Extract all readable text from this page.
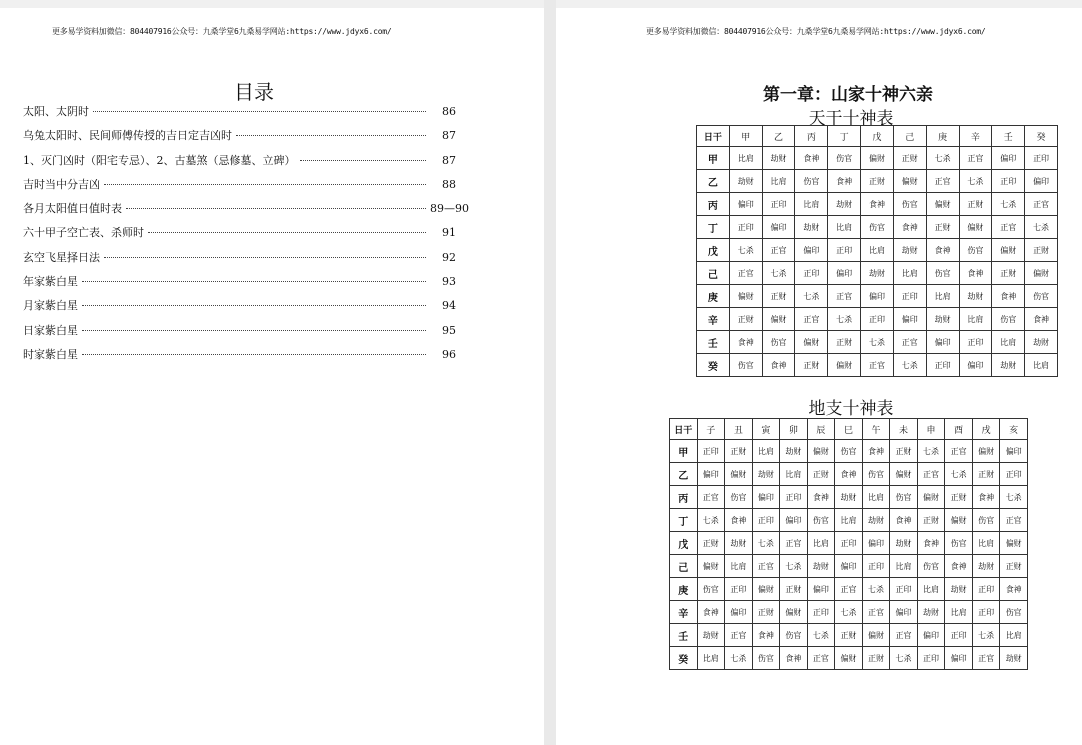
更多易学资料加微信：804407916公众号：九桑学堂6九桑易学网站:https://www.jdyx6.com/
目录
太阳、太阴时	86
乌兔太阳时、民间师傅传授的吉日定吉凶时	87
1、灭门凶时（阳宅专忌）、2、古墓煞（忌修墓、立碑）	87
吉时当中分吉凶	88
各月太阳值日值时表	89—90
六十甲子空亡表、杀师时	91
玄空飞星择日法	92
年家紫白星	93
月家紫白星	94
日家紫白星	95
时家紫白星	96
更多易学资料加微信：804407916公众号：九桑学堂6九桑易学网站:https://www.jdyx6.com/
第一章：山家十神六亲
天干十神表
日干	甲	乙	丙	丁	戊	己	庚	辛	壬	癸
甲	比肩	劫财	食神	伤官	偏财	正财	七杀	正官	偏印	正印
乙	劫财	比肩	伤官	食神	正财	偏财	正官	七杀	正印	偏印
丙	偏印	正印	比肩	劫财	食神	伤官	偏财	正财	七杀	正官
丁	正印	偏印	劫财	比肩	伤官	食神	正财	偏财	正官	七杀
戊	七杀	正官	偏印	正印	比肩	劫财	食神	伤官	偏财	正财
己	正官	七杀	正印	偏印	劫财	比肩	伤官	食神	正财	偏财
庚	偏财	正财	七杀	正官	偏印	正印	比肩	劫财	食神	伤官
辛	正财	偏财	正官	七杀	正印	偏印	劫财	比肩	伤官	食神
壬	食神	伤官	偏财	正财	七杀	正官	偏印	正印	比肩	劫财
癸	伤官	食神	正财	偏财	正官	七杀	正印	偏印	劫财	比肩
地支十神表
日干	子	丑	寅	卯	辰	巳	午	未	申	酉	戌	亥
甲	正印	正财	比肩	劫财	偏财	伤官	食神	正财	七杀	正官	偏财	偏印
乙	偏印	偏财	劫财	比肩	正财	食神	伤官	偏财	正官	七杀	正财	正印
丙	正官	伤官	偏印	正印	食神	劫财	比肩	伤官	偏财	正财	食神	七杀
丁	七杀	食神	正印	偏印	伤官	比肩	劫财	食神	正财	偏财	伤官	正官
戊	正财	劫财	七杀	正官	比肩	正印	偏印	劫财	食神	伤官	比肩	偏财
己	偏财	比肩	正官	七杀	劫财	偏印	正印	比肩	伤官	食神	劫财	正财
庚	伤官	正印	偏财	正财	偏印	正官	七杀	正印	比肩	劫财	正印	食神
辛	食神	偏印	正财	偏财	正印	七杀	正官	偏印	劫财	比肩	正印	伤官
壬	劫财	正官	食神	伤官	七杀	正财	偏财	正官	偏印	正印	七杀	比肩
癸	比肩	七杀	伤官	食神	正官	偏财	正财	七杀	正印	偏印	正官	劫财
